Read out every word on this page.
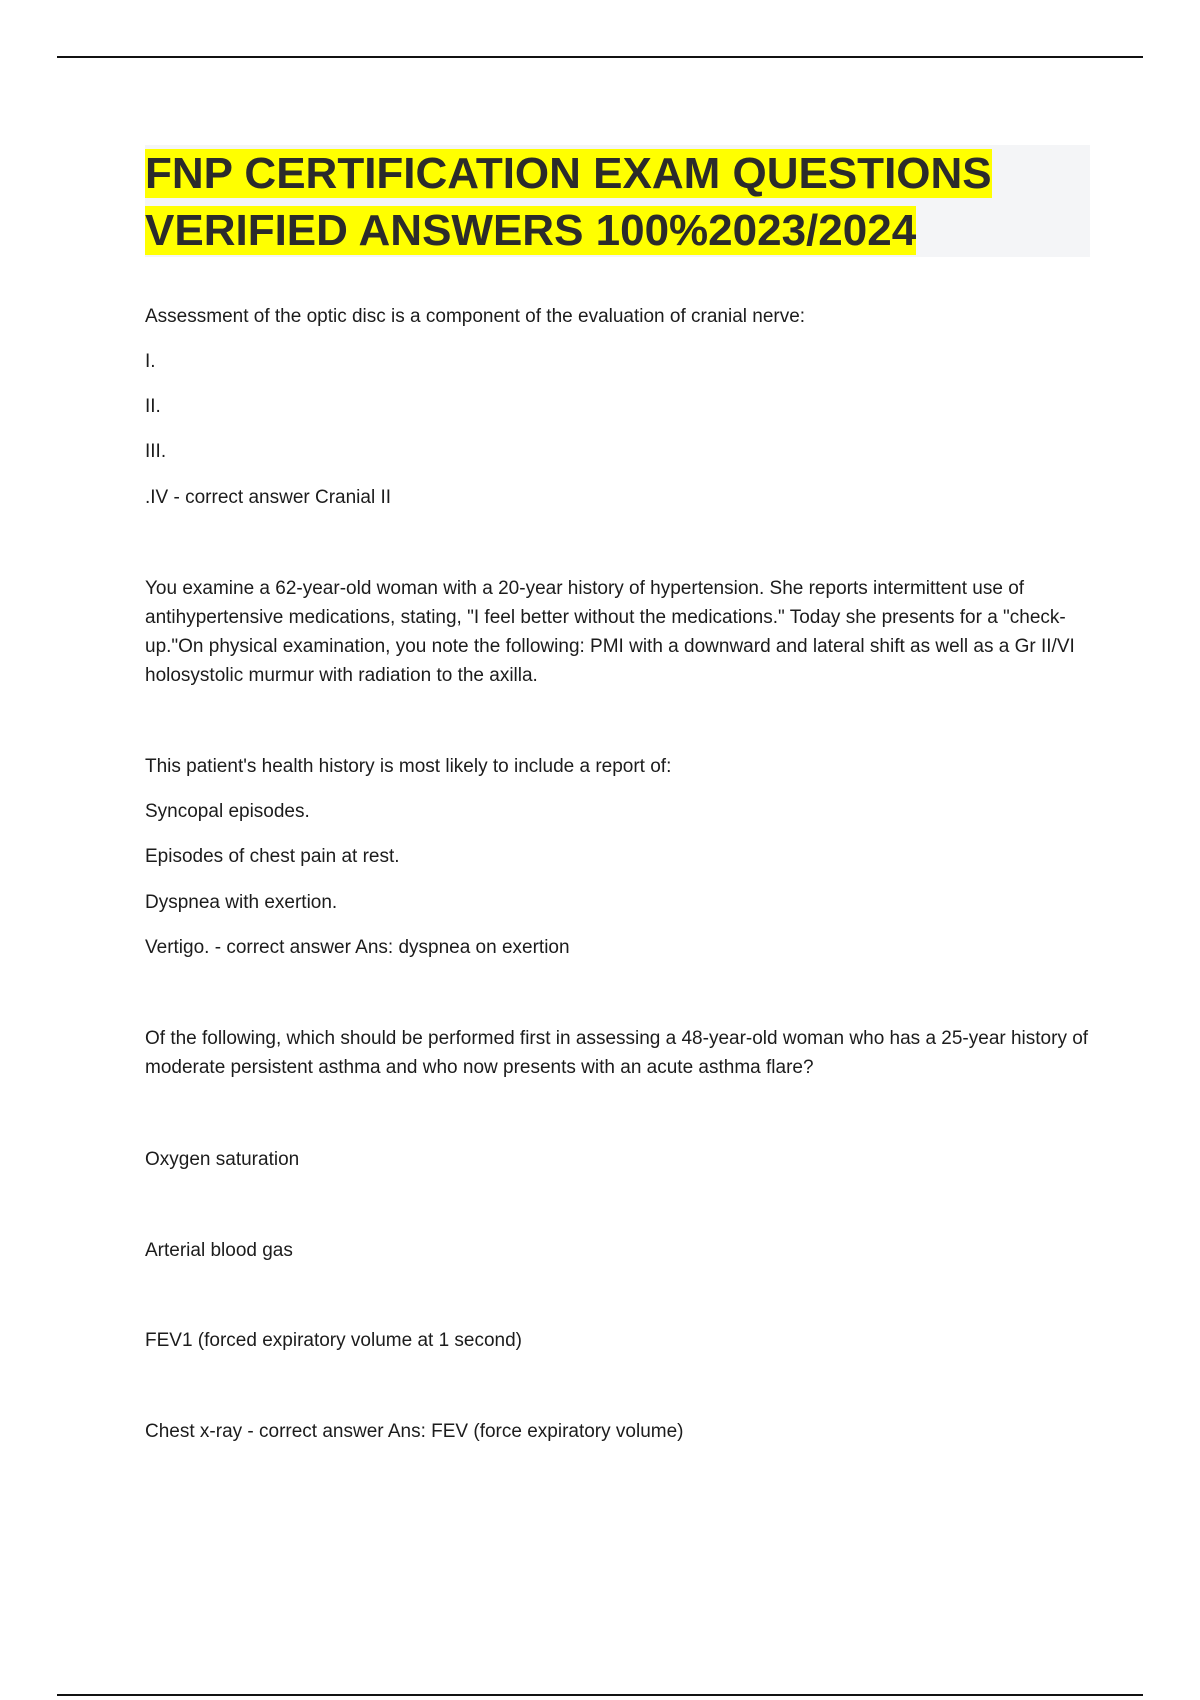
FNP CERTIFICATION EXAM QUESTIONS
VERIFIED ANSWERS 100%2023/2024

Assessment of the optic disc is a component of the evaluation of cranial nerve:

I.

II.

III.

.IV - correct answer Cranial II

You examine a 62-year-old woman with a 20-year history of hypertension. She reports intermittent use of antihypertensive medications, stating, "I feel better without the medications." Today she presents for a "check-up."On physical examination, you note the following: PMI with a downward and lateral shift as well as a Gr II/VI holosystolic murmur with radiation to the axilla.

This patient's health history is most likely to include a report of:

Syncopal episodes.

Episodes of chest pain at rest.

Dyspnea with exertion.

Vertigo. - correct answer Ans: dyspnea on exertion

Of the following, which should be performed first in assessing a 48-year-old woman who has a 25-year history of moderate persistent asthma and who now presents with an acute asthma flare?

Oxygen saturation

Arterial blood gas

FEV1 (forced expiratory volume at 1 second)

Chest x-ray - correct answer Ans: FEV (force expiratory volume)
